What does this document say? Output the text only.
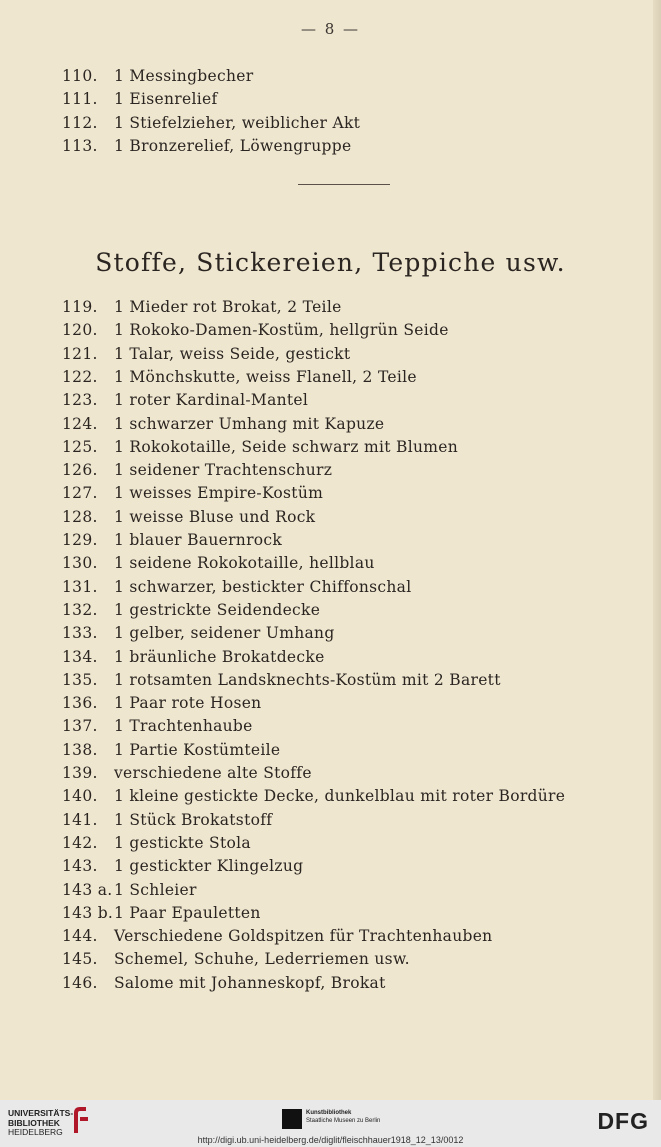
— 8 —
110. 1 Messingbecher
111. 1 Eisenrelief
112. 1 Stiefelzieher, weiblicher Akt
113. 1 Bronzerelief, Löwengruppe
Stoffe, Stickereien, Teppiche usw.
119. 1 Mieder rot Brokat, 2 Teile
120. 1 Rokoko-Damen-Kostüm, hellgrün Seide
121. 1 Talar, weiss Seide, gestickt
122. 1 Mönchskutte, weiss Flanell, 2 Teile
123. 1 roter Kardinal-Mantel
124. 1 schwarzer Umhang mit Kapuze
125. 1 Rokokotaille, Seide schwarz mit Blumen
126. 1 seidener Trachtenschurz
127. 1 weisses Empire-Kostüm
128. 1 weisse Bluse und Rock
129. 1 blauer Bauernrock
130. 1 seidene Rokokotaille, hellblau
131. 1 schwarzer, bestickter Chiffonschal
132. 1 gestrickte Seidendecke
133. 1 gelber, seidener Umhang
134. 1 bräunliche Brokatdecke
135. 1 rotsamten Landsknechts-Kostüm mit 2 Barett
136. 1 Paar rote Hosen
137. 1 Trachtenhaube
138. 1 Partie Kostümteile
139. verschiedene alte Stoffe
140. 1 kleine gestickte Decke, dunkelblau mit roter Bordüre
141. 1 Stück Brokatstoff
142. 1 gestickte Stola
143. 1 gestickter Klingelzug
143 a.1 Schleier
143 b.1 Paar Epauletten
144. Verschiedene Goldspitzen für Trachtenhauben
145. Schemel, Schuhe, Lederriemen usw.
146. Salome mit Johanneskopf, Brokat
UNIVERSITÄTS-
BIBLIOTHEK
HEIDELBERG
Kunstbibliothek
Staatliche Museen zu Berlin
http://digi.ub.uni-heidelberg.de/diglit/fleischhauer1918_12_13/0012
DFG
